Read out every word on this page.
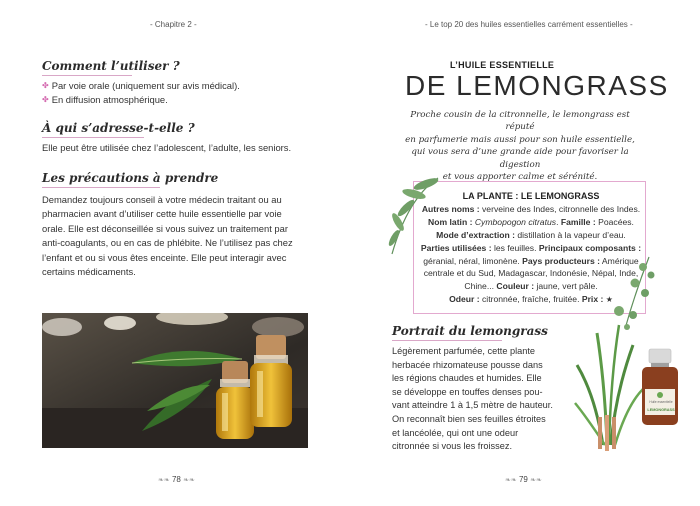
- Chapitre 2 -
Comment l’utiliser ?
✤ Par voie orale (uniquement sur avis médical).
✤ En diffusion atmosphérique.
À qui s’adresse-t-elle ?

Elle peut être utilisée chez l’adolescent, l’adulte, les seniors.

Les précautions à prendre

Demandez toujours conseil à votre médecin traitant ou au

pharmacien avant d’utiliser cette huile essentielle par voie

orale. Elle est déconseillée si vous suivez un traitement par

anti-coagulants, ou en cas de phlébite. Ne l’utilisez pas chez

l’enfant et ou si vous êtes enceinte. Elle peut interagir avec

certains médicaments.

❧❧ 78 ❧❧
- Le top 20 des huiles essentielles carrément essentielles -
L’HUILE ESSENTIELLE
DE LEMONGRASS
Proche cousin de la citronnelle, le lemongrass est réputé
en parfumerie mais aussi pour son huile essentielle,
qui vous sera d’une grande aide pour favoriser la digestion
et vous apporter calme et sérénité.
LA PLANTE : LE LEMONGRASS
Autres noms : verveine des Indes, citronnelle des Indes.
Nom latin : Cymbopogon citratus. Famille : Poacées.
Mode d’extraction : distillation à la vapeur d’eau.
Parties utilisées : les feuilles. Principaux composants :
géranial, néral, limonène. Pays producteurs : Amérique
centrale et du Sud, Madagascar, Indonésie, Népal, Inde,
Chine... Couleur : jaune, vert pâle.
Odeur : citronnée, fraîche, fruitée. Prix : ★
Portrait du lemongrass

Légèrement parfumée, cette plante

herbacée rhizomateuse pousse dans

les régions chaudes et humides. Elle

se développe en touffes denses pou-

vant atteindre 1 à 1,5 mètre de hauteur.

On reconnaît bien ses feuilles étroites

et lancéolée, qui ont une odeur

citronnée si vous les froissez.

Huile essentielle
LEMONGRASS
❧❧ 79 ❧❧
